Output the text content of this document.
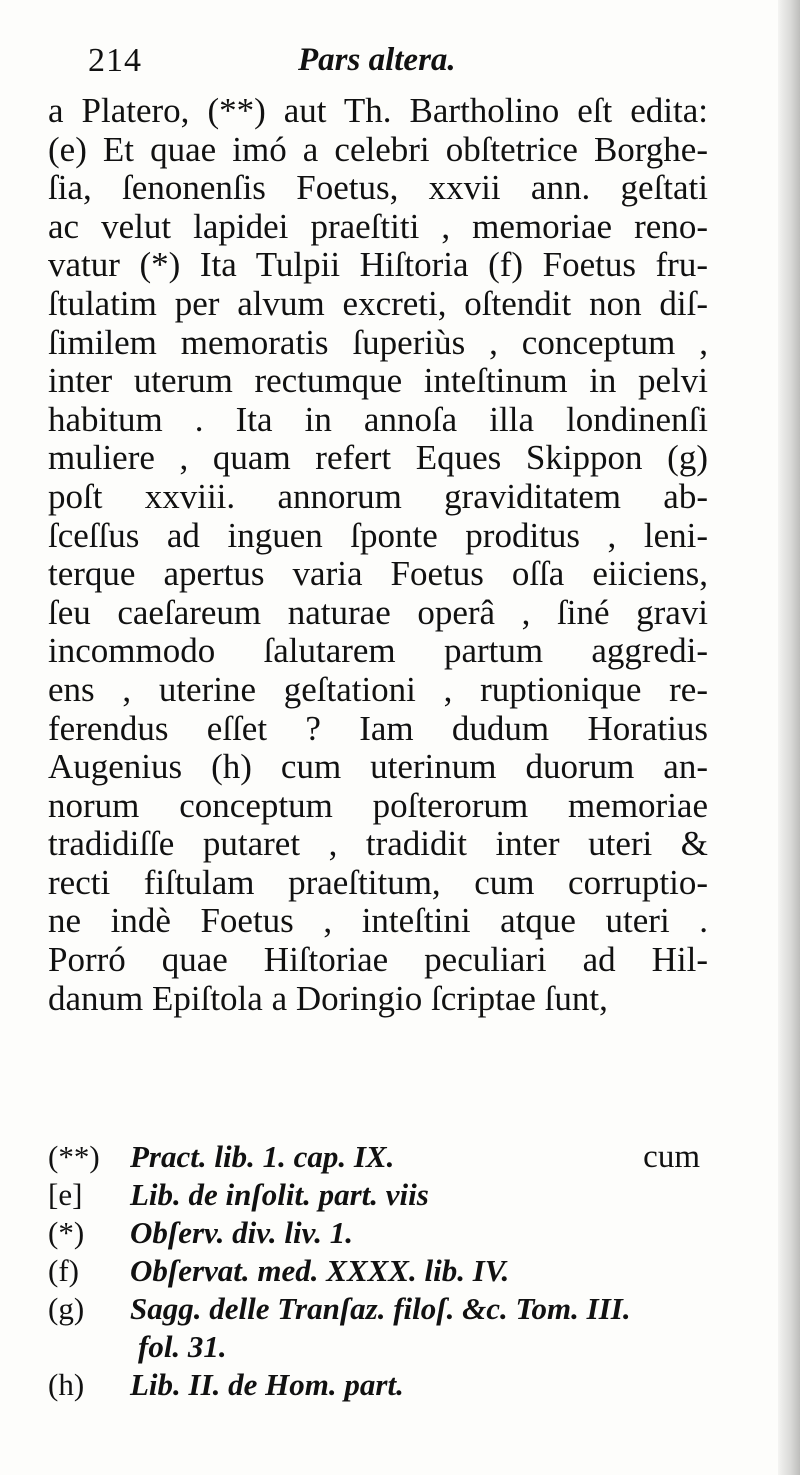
214	Pars altera.
a Platero, (**) aut Th. Bartholino eſt edita:
(e) Et quae imó a celebri obſtetrice Borghe-
ſia, ſenonenſis Foetus, xxvii ann. geſtati
ac velut lapidei praeſtiti , memoriae reno-
vatur (*) Ita Tulpii Hiſtoria (f) Foetus fru-
ſtulatim per alvum excreti, oſtendit non diſ-
ſimilem memoratis ſuperiùs , conceptum ,
inter uterum rectumque inteſtinum in pelvi
habitum . Ita in annoſa illa londinenſi
muliere , quam refert Eques Skippon (g)
poſt xxviii. annorum graviditatem ab-
ſceſſus ad inguen ſponte proditus , leni-
terque apertus varia Foetus oſſa eiiciens,
ſeu caeſareum naturae operâ , ſiné gravi
incommodo ſalutarem partum aggredi-
ens , uterine geſtationi , ruptionique re-
ferendus eſſet ? Iam dudum Horatius
Augenius (h) cum uterinum duorum an-
norum conceptum poſterorum memoriae
tradidiſſe putaret , tradidit inter uteri &
recti fiſtulam praeſtitum, cum corruptio-
ne indè Foetus , inteſtini atque uteri .
Porró quae Hiſtoriae peculiari ad Hil-
danum Epiſtola a Doringio ſcriptae ſunt,
(**) Pract. lib. 1. cap. IX.	cum
[e] Lib. de inſolit. part. viis
(*) Obſerv. div. liv. 1.
(f) Obſervat. med. XXXX. lib. IV.
(g) Sagg. delle Tranſaz. filoſ. &c. Tom. III.
fol. 31.
(h) Lib. II. de Hom. part.
